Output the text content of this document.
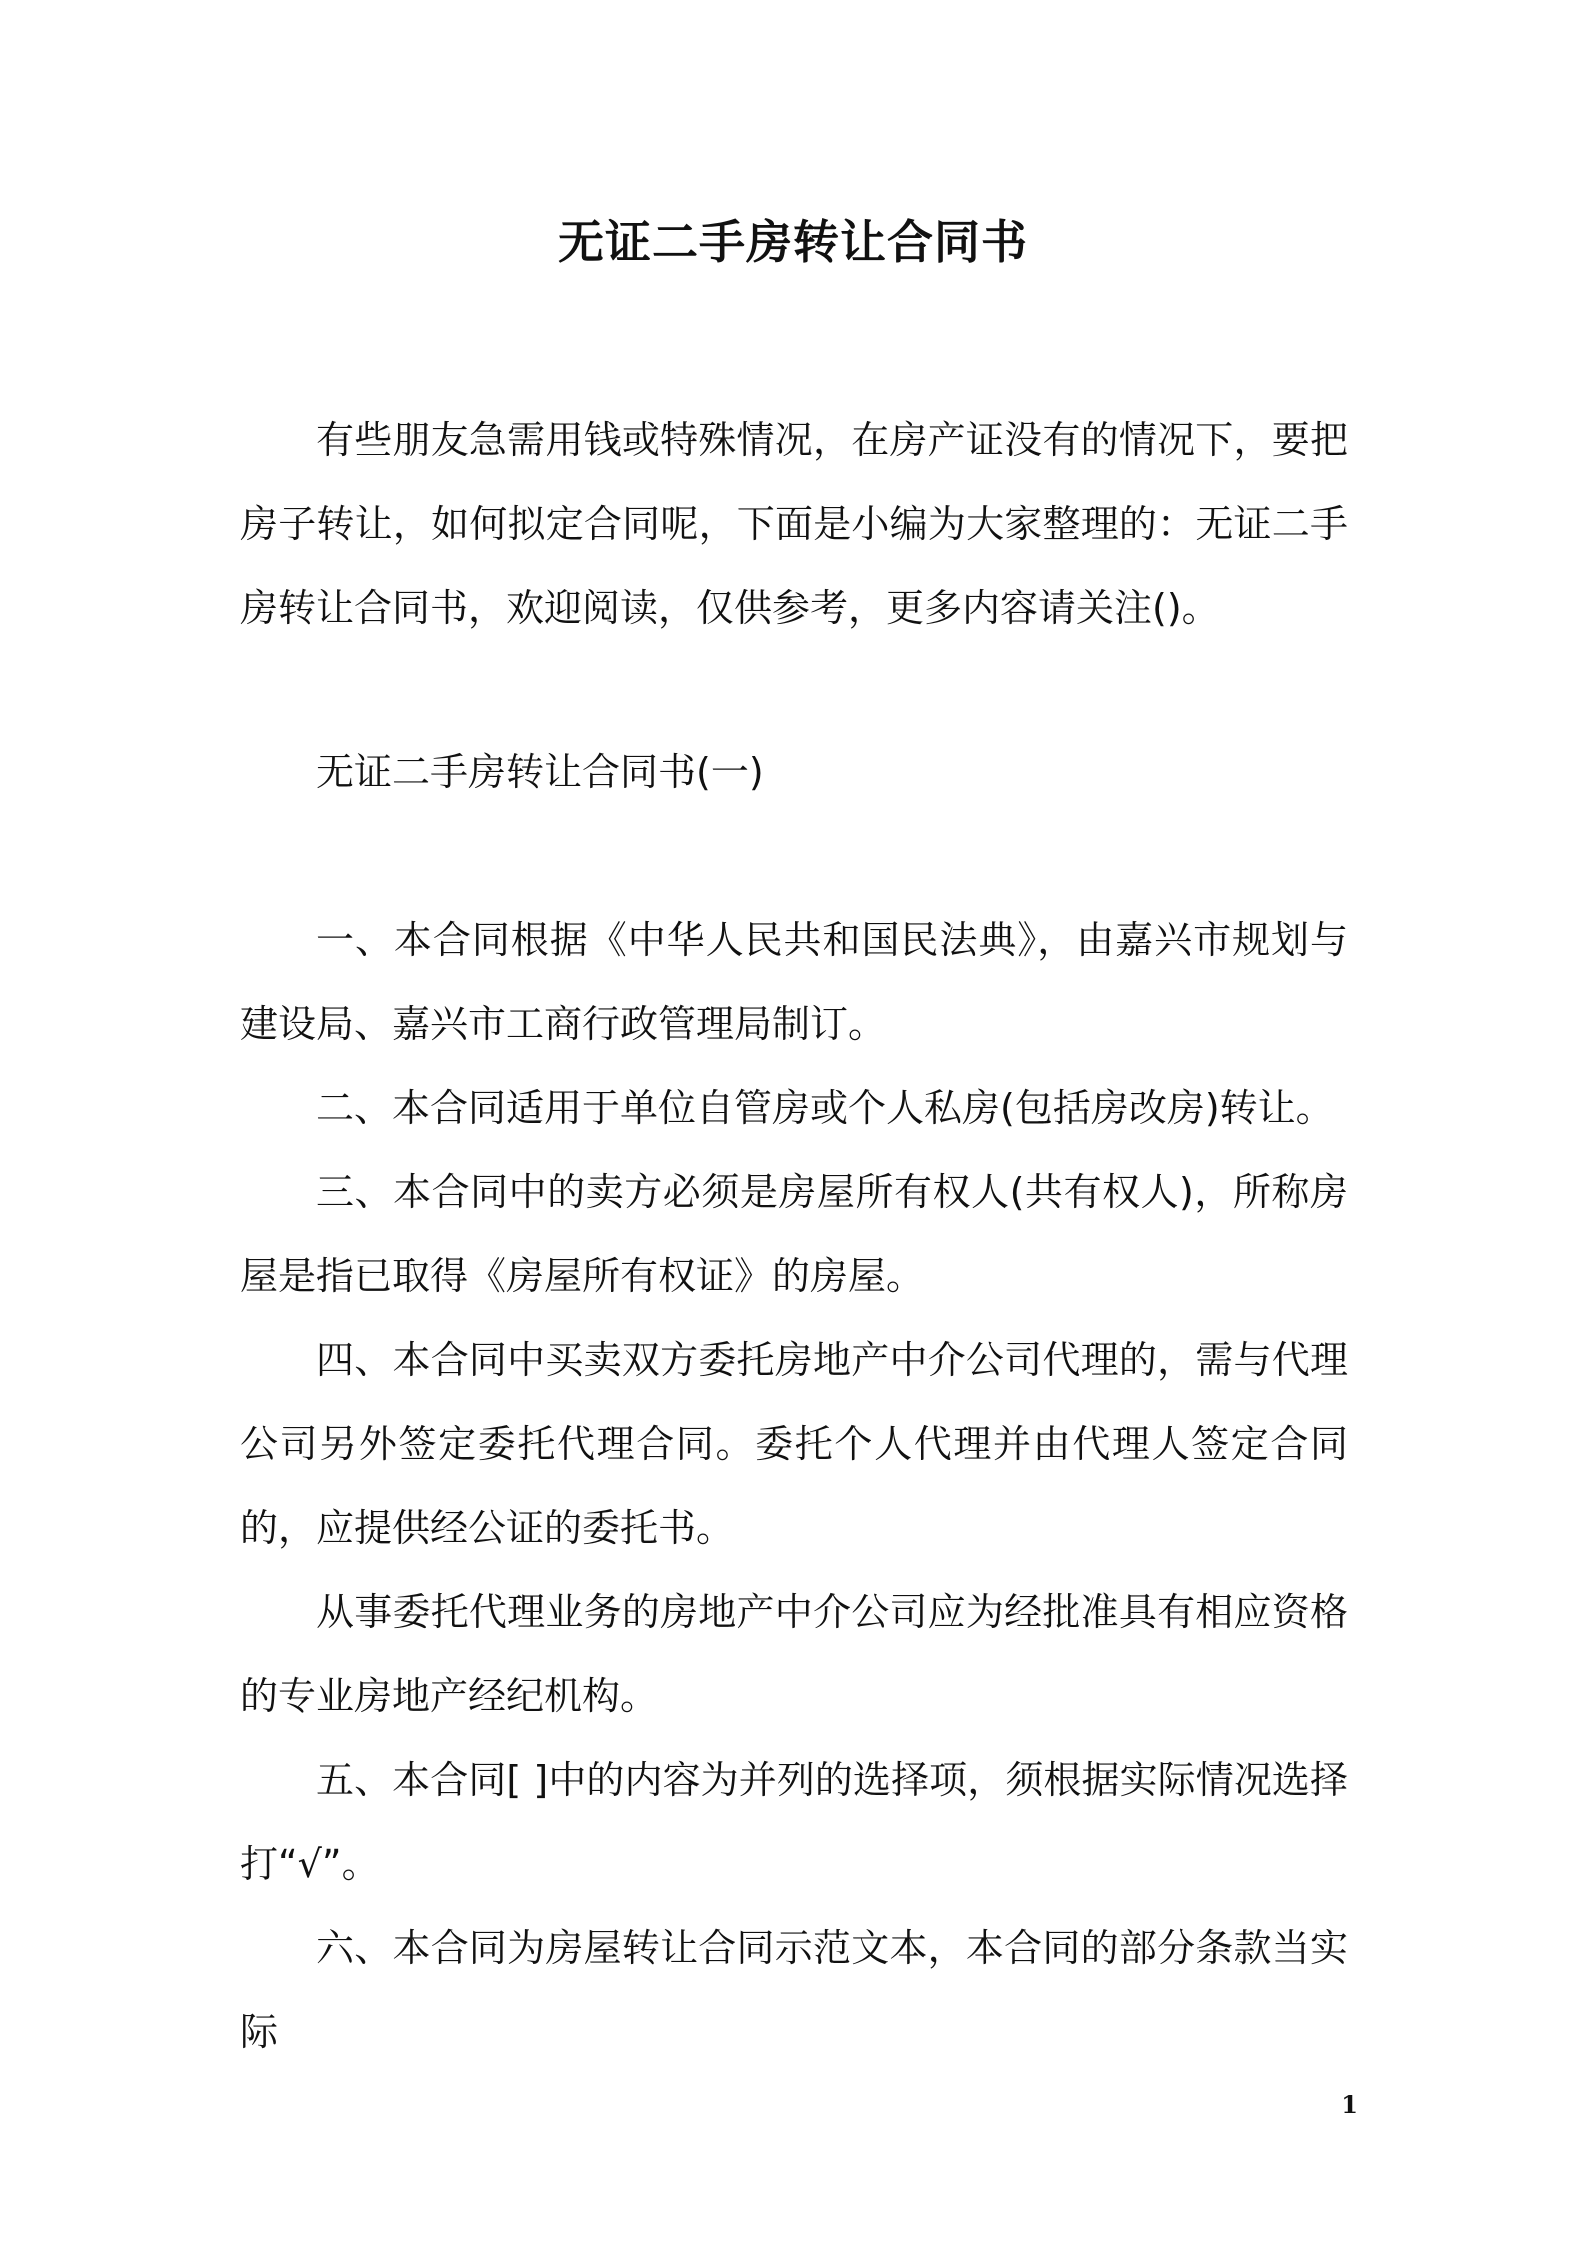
无证二手房转让合同书

有些朋友急需用钱或特殊情况，在房产证没有的情况下，要把房子转让，如何拟定合同呢，下面是小编为大家整理的：无证二手房转让合同书，欢迎阅读，仅供参考，更多内容请关注()。

无证二手房转让合同书(一)

一、本合同根据《中华人民共和国民法典》，由嘉兴市规划与建设局、嘉兴市工商行政管理局制订。

二、本合同适用于单位自管房或个人私房(包括房改房)转让。

三、本合同中的卖方必须是房屋所有权人(共有权人)，所称房屋是指已取得《房屋所有权证》的房屋。

四、本合同中买卖双方委托房地产中介公司代理的，需与代理公司另外签定委托代理合同。委托个人代理并由代理人签定合同的，应提供经公证的委托书。

从事委托代理业务的房地产中介公司应为经批准具有相应资格的专业房地产经纪机构。

五、本合同[ ]中的内容为并列的选择项，须根据实际情况选择打“√”。

六、本合同为房屋转让合同示范文本，本合同的部分条款当实际

1
